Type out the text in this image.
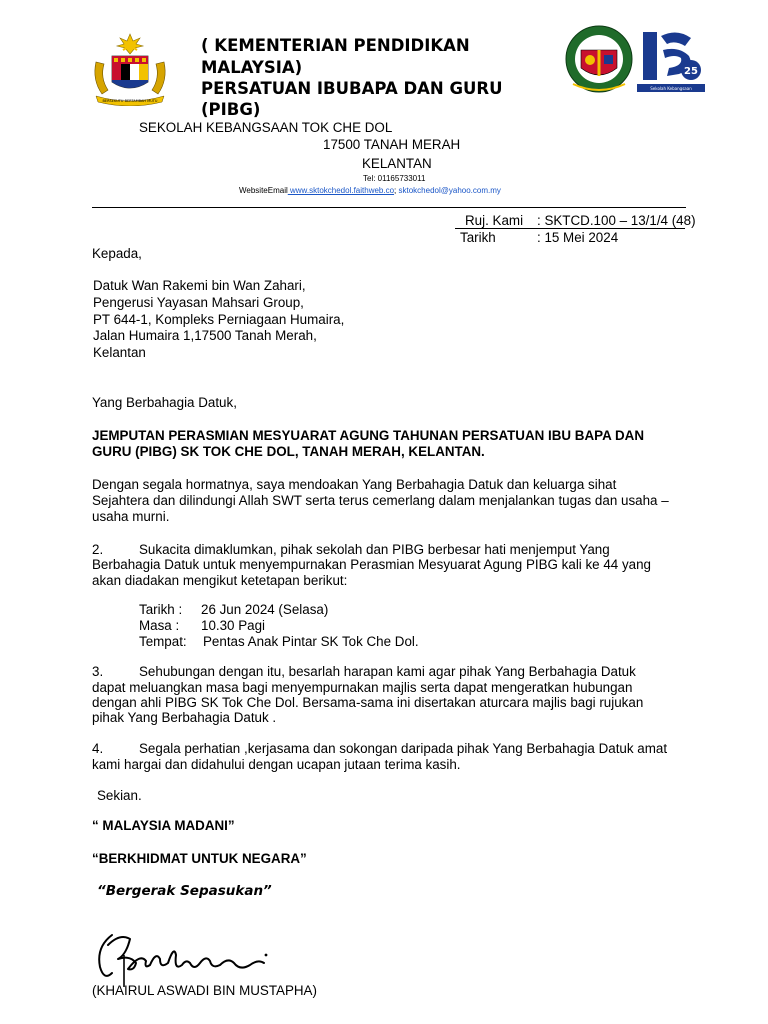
BERSEKUTU BERTAMBAH MUTU
( KEMENTERIAN PENDIDIKAN
MALAYSIA)
PERSATUAN IBUBAPA DAN GURU
(PIBG)
25
Sekolah Kebangsaan
SEKOLAH KEBANGSAAN TOK CHE DOL
17500 TANAH MERAH
KELANTAN
Tel: 01165733011
WebsiteEmail www.sktokchedol.faithweb.co; sktokchedol@yahoo.com.my
Ruj. Kami : SKTCD.100 – 13/1/4 (48)
Tarikh	: 15 Mei 2024
Kepada,
Datuk Wan Rakemi bin Wan Zahari,
Pengerusi Yayasan Mahsari Group,
PT 644-1, Kompleks Perniagaan Humaira,
Jalan Humaira 1,17500 Tanah Merah,
Kelantan
Yang Berbahagia Datuk,
JEMPUTAN PERASMIAN MESYUARAT AGUNG TAHUNAN PERSATUAN IBU BAPA DAN
GURU (PIBG) SK TOK CHE DOL, TANAH MERAH, KELANTAN.
Dengan segala hormatnya, saya mendoakan Yang Berbahagia Datuk dan keluarga sihat
Sejahtera dan dilindungi Allah SWT serta terus cemerlang dalam menjalankan tugas dan usaha –
usaha murni.
2.	Sukacita dimaklumkan, pihak sekolah dan PIBG berbesar hati menjemput Yang
Berbahagia Datuk untuk menyempurnakan Perasmian Mesyuarat Agung PIBG kali ke 44 yang
akan diadakan mengikut ketetapan berikut:
Tarikh : 26 Jun 2024 (Selasa)
Masa : 10.30 Pagi
Tempat: Pentas Anak Pintar SK Tok Che Dol.
3.	Sehubungan dengan itu, besarlah harapan kami agar pihak Yang Berbahagia Datuk
dapat meluangkan masa bagi menyempurnakan majlis serta dapat mengeratkan hubungan
dengan ahli PIBG SK Tok Che Dol. Bersama-sama ini disertakan aturcara majlis bagi rujukan
pihak Yang Berbahagia Datuk .
4.	Segala perhatian ,kerjasama dan sokongan daripada pihak Yang Berbahagia Datuk amat
kami hargai dan didahului dengan ucapan jutaan terima kasih.
Sekian.
“ MALAYSIA MADANI”
“BERKHIDMAT UNTUK NEGARA”
“Bergerak Sepasukan”
(KHAIRUL ASWADI BIN MUSTAPHA)
